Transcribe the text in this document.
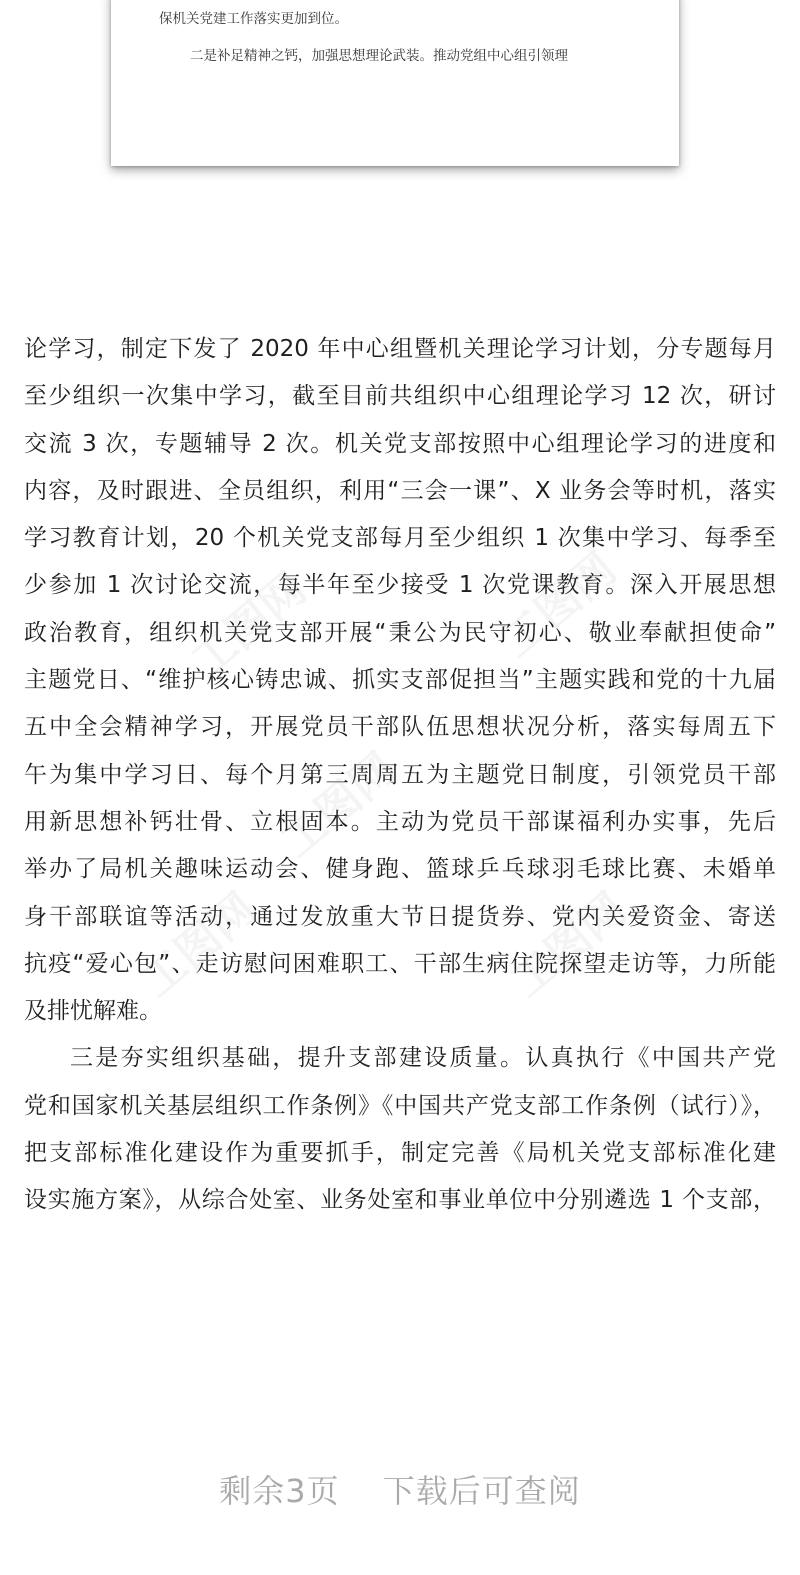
保机关党建工作落实更加到位。
二是补足精神之钙，加强思想理论武装。推动党组中心组引领理
论学习，制定下发了 2020 年中心组暨机关理论学习计划，分专题每月
至少组织一次集中学习，截至目前共组织中心组理论学习 12 次，研讨
交流 3 次，专题辅导 2 次。机关党支部按照中心组理论学习的进度和
内容，及时跟进、全员组织，利用“三会一课”、X 业务会等时机，落实
学习教育计划，20 个机关党支部每月至少组织 1 次集中学习、每季至
少参加 1 次讨论交流，每半年至少接受 1 次党课教育。深入开展思想
政治教育，组织机关党支部开展“秉公为民守初心、敬业奉献担使命”
主题党日、“维护核心铸忠诚、抓实支部促担当”主题实践和党的十九届
五中全会精神学习，开展党员干部队伍思想状况分析，落实每周五下
午为集中学习日、每个月第三周周五为主题党日制度，引领党员干部
用新思想补钙壮骨、立根固本。主动为党员干部谋福利办实事，先后
举办了局机关趣味运动会、健身跑、篮球乒乓球羽毛球比赛、未婚单
身干部联谊等活动，通过发放重大节日提货券、党内关爱资金、寄送
抗疫“爱心包”、走访慰问困难职工、干部生病住院探望走访等，力所能
及排忧解难。
三是夯实组织基础，提升支部建设质量。认真执行《中国共产党
党和国家机关基层组织工作条例》《中国共产党支部工作条例（试行）》，
把支部标准化建设作为重要抓手，制定完善《局机关党支部标准化建
设实施方案》，从综合处室、业务处室和事业单位中分别遴选 1 个支部，
工图网	工图网
工图网
工图网	工图网
剩余3页 下载后可查阅
